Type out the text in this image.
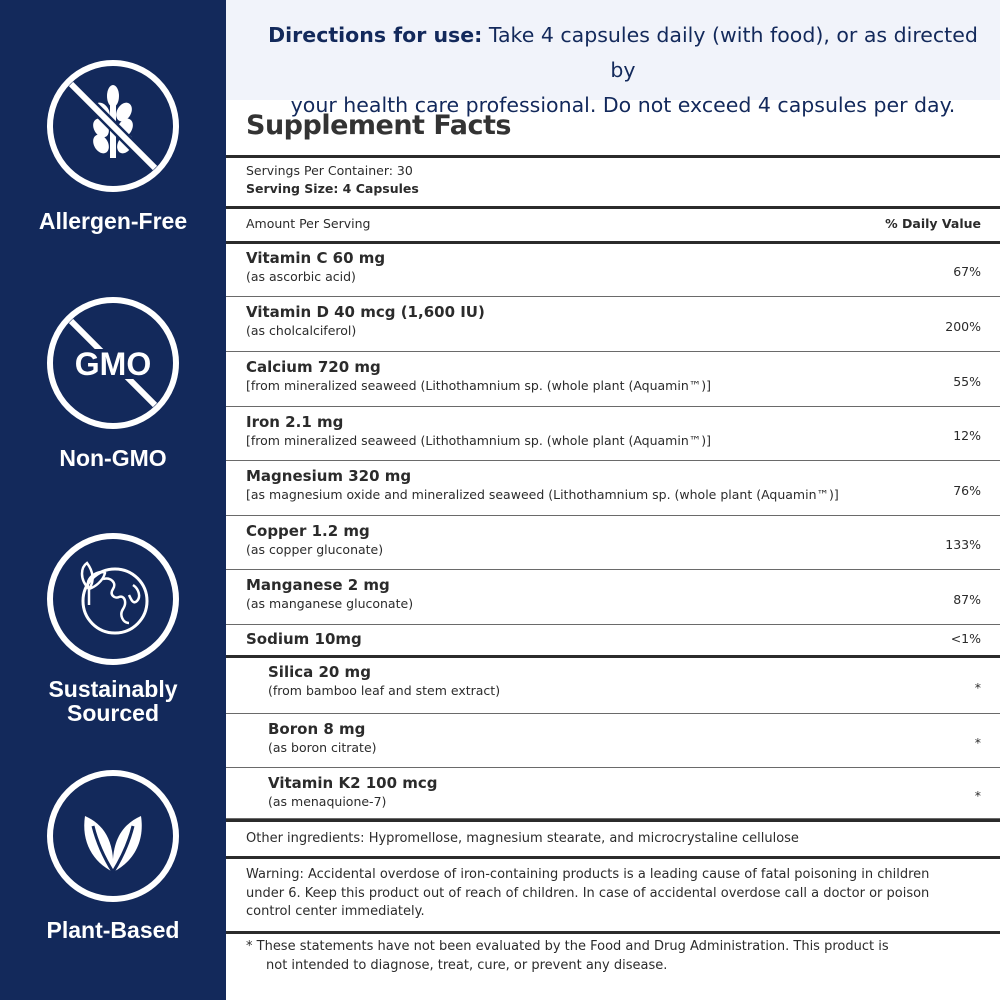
Allergen-Free
GMO
Non-GMO
Sustainably
Sourced
Plant-Based
Directions for use: Take 4 capsules daily (with food), or as directed by
your health care professional. Do not exceed 4 capsules per day.
Supplement Facts
Servings Per Container: 30
Serving Size: 4 Capsules
Amount Per Serving	% Daily Value
Vitamin C 60 mg
(as ascorbic acid)	67%
Vitamin D 40 mcg (1,600 IU)
(as cholcalciferol)	200%
Calcium 720 mg
[from mineralized seaweed (Lithothamnium sp. (whole plant (Aquamin™)]	55%
Iron 2.1 mg
[from mineralized seaweed (Lithothamnium sp. (whole plant (Aquamin™)]	12%
Magnesium 320 mg
[as magnesium oxide and mineralized seaweed (Lithothamnium sp. (whole plant (Aquamin™)]	76%
Copper 1.2 mg
(as copper gluconate)	133%
Manganese 2 mg
(as manganese gluconate)	87%
Sodium 10mg	<1%
Silica 20 mg
(from bamboo leaf and stem extract)	*
Boron 8 mg
(as boron citrate)	*
Vitamin K2 100 mcg
(as menaquione-7)	*
Other ingredients: Hypromellose, magnesium stearate, and microcrystaline cellulose
Warning: Accidental overdose of iron-containing products is a leading cause of fatal poisoning in children under 6. Keep this product out of reach of children. In case of accidental overdose call a doctor or poison control center immediately.
* These statements have not been evaluated by the Food and Drug Administration. This product is
not intended to diagnose, treat, cure, or prevent any disease.
